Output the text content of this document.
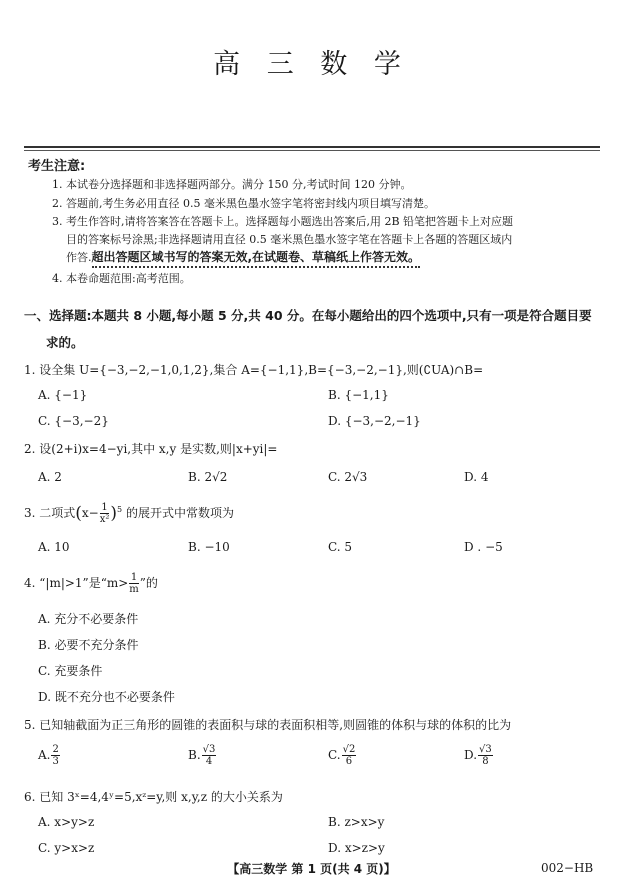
高 三 数 学
考生注意:
1. 本试卷分选择题和非选择题两部分。满分 150 分,考试时间 120 分钟。
2. 答题前,考生务必用直径 0.5 毫米黑色墨水签字笔将密封线内项目填写清楚。
3. 考生作答时,请将答案答在答题卡上。选择题每小题选出答案后,用 2B 铅笔把答题卡上对应题
目的答案标号涂黑;非选择题请用直径 0.5 毫米黑色墨水签字笔在答题卡上各题的答题区域内
作答.超出答题区域书写的答案无效,在试题卷、草稿纸上作答无效。
4. 本卷命题范围:高考范围。
一、选择题:本题共 8 小题,每小题 5 分,共 40 分。在每小题给出的四个选项中,只有一项是符合题目要
求的。
1. 设全集 U={−3,−2,−1,0,1,2},集合 A={−1,1},B={−3,−2,−1},则(∁UA)∩B=
A. {−1}	B. {−1,1}
C. {−3,−2}	D. {−3,−2,−1}
2. 设(2+i)x=4−yi,其中 x,y 是实数,则|x+yi|=
A. 2	B. 2√2	C. 2√3	D. 4
3. 二项式$(x- \frac{1}{\text{x²}} )^5$ 的展开式中常数项为
A. 10	B. −10	C. 5	D . −5
4. “|m|>1”是“$m> \frac{1}{m}$ ”的
A. 充分不必要条件
B. 必要不充分条件
C. 充要条件
D. 既不充分也不必要条件
5. 已知轴截面为正三角形的圆锥的表面积与球的表面积相等,则圆锥的体积与球的体积的比为
A. $\frac{2}{3}$	B. $\frac{√3}{4}$	C. $\frac{√2}{6}$	D. $\frac{√3}{8}$
6. 已知 3ˣ=4,4ʸ=5,xᶻ=y,则 x,y,z 的大小关系为
A. x>y>z	B. z>x>y
C. y>x>z	D. x>z>y
【高三数学 第 1 页(共 4 页)】	002−HB
